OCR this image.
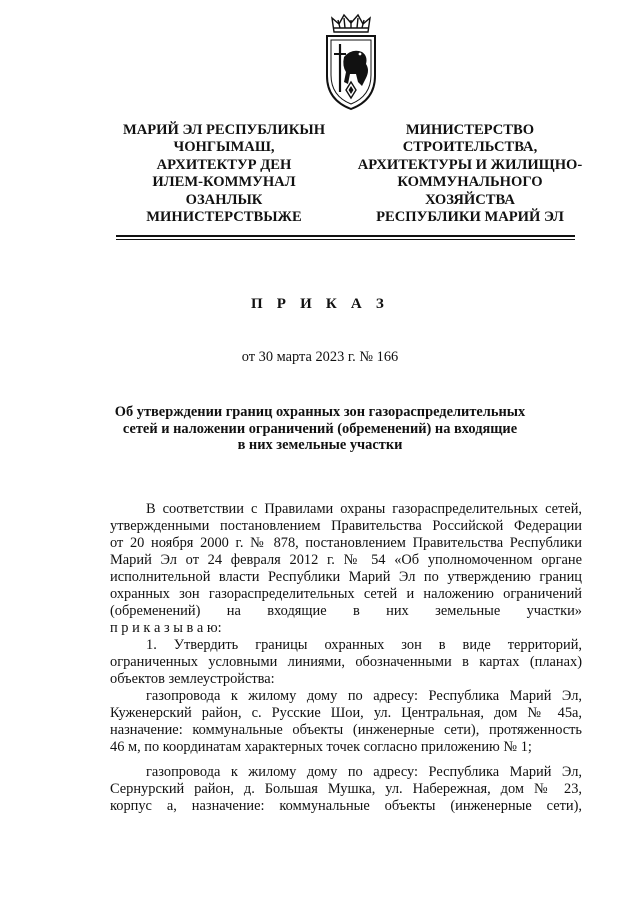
МАРИЙ ЭЛ РЕСПУБЛИКЫН
ЧОНГЫМАШ,
АРХИТЕКТУР ДЕН
ИЛЕМ-КОММУНАЛ
ОЗАНЛЫК
МИНИСТЕРСТВЫЖЕ
МИНИСТЕРСТВО
СТРОИТЕЛЬСТВА,
АРХИТЕКТУРЫ И ЖИЛИЩНО-
КОММУНАЛЬНОГО
ХОЗЯЙСТВА
РЕСПУБЛИКИ МАРИЙ ЭЛ
П Р И К А З
от 30 марта 2023 г. № 166
Об утверждении границ охранных зон газораспределительных
сетей и наложении ограничений (обременений) на входящие
в них земельные участки
В соответствии с Правилами охраны газораспределительных сетей,
утвержденными постановлением Правительства Российской Федерации
от 20 ноября 2000 г. № 878, постановлением Правительства Республики
Марий Эл от 24 февраля 2012 г. № 54 «Об уполномоченном органе
исполнительной власти Республики Марий Эл по утверждению границ
охранных зон газораспределительных сетей и наложению ограничений
(обременений) на входящие в них земельные участки»
п р и к а з ы в а ю:
1. Утвердить границы охранных зон в виде территорий,
ограниченных условными линиями, обозначенными в картах (планах)
объектов землеустройства:
газопровода к жилому дому по адресу: Республика Марий Эл,
Куженерский район, с. Русские Шои, ул. Центральная, дом № 45а,
назначение: коммунальные объекты (инженерные сети), протяженность
46 м, по координатам характерных точек согласно приложению № 1;
газопровода к жилому дому по адресу: Республика Марий Эл,
Сернурский район, д. Большая Мушка, ул. Набережная, дом № 23,
корпус а, назначение: коммунальные объекты (инженерные сети),
